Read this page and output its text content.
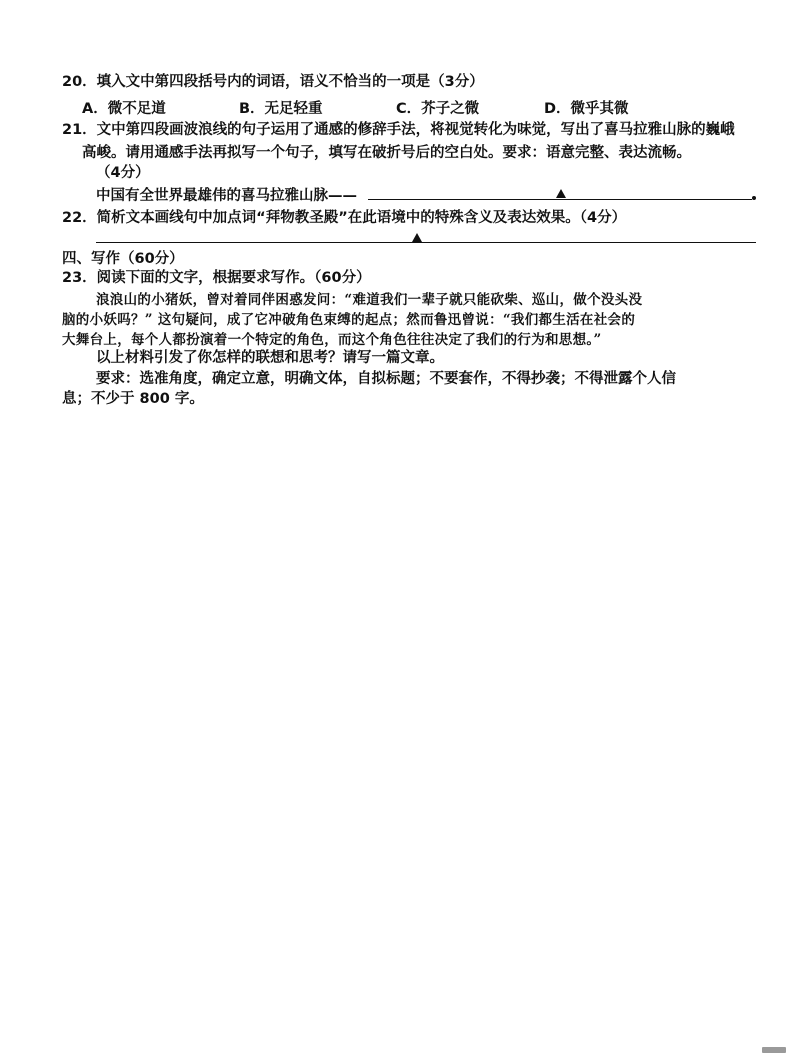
20．填入文中第四段括号内的词语，语义不恰当的一项是（3分）
A．微不足道	B．无足轻重	C．芥子之微	D．微乎其微
21．文中第四段画波浪线的句子运用了通感的修辞手法，将视觉转化为味觉，写出了喜马拉雅山脉的巍峨
高峻。请用通感手法再拟写一个句子，填写在破折号后的空白处。要求：语意完整、表达流畅。
（4分）
中国有全世界最雄伟的喜马拉雅山脉——
22．简析文本画线句中加点词“拜物教圣殿”在此语境中的特殊含义及表达效果。（4分）
四、写作（60分）
23．阅读下面的文字，根据要求写作。（60分）
浪浪山的小猪妖，曾对着同伴困惑发问：“难道我们一辈子就只能砍柴、巡山，做个没头没
脑的小妖吗？” 这句疑问，成了它冲破角色束缚的起点；然而鲁迅曾说：“我们都生活在社会的
大舞台上，每个人都扮演着一个特定的角色，而这个角色往往决定了我们的行为和思想。”
以上材料引发了你怎样的联想和思考？请写一篇文章。
要求：选准角度，确定立意，明确文体，自拟标题；不要套作，不得抄袭；不得泄露个人信
息；不少于 800 字。
